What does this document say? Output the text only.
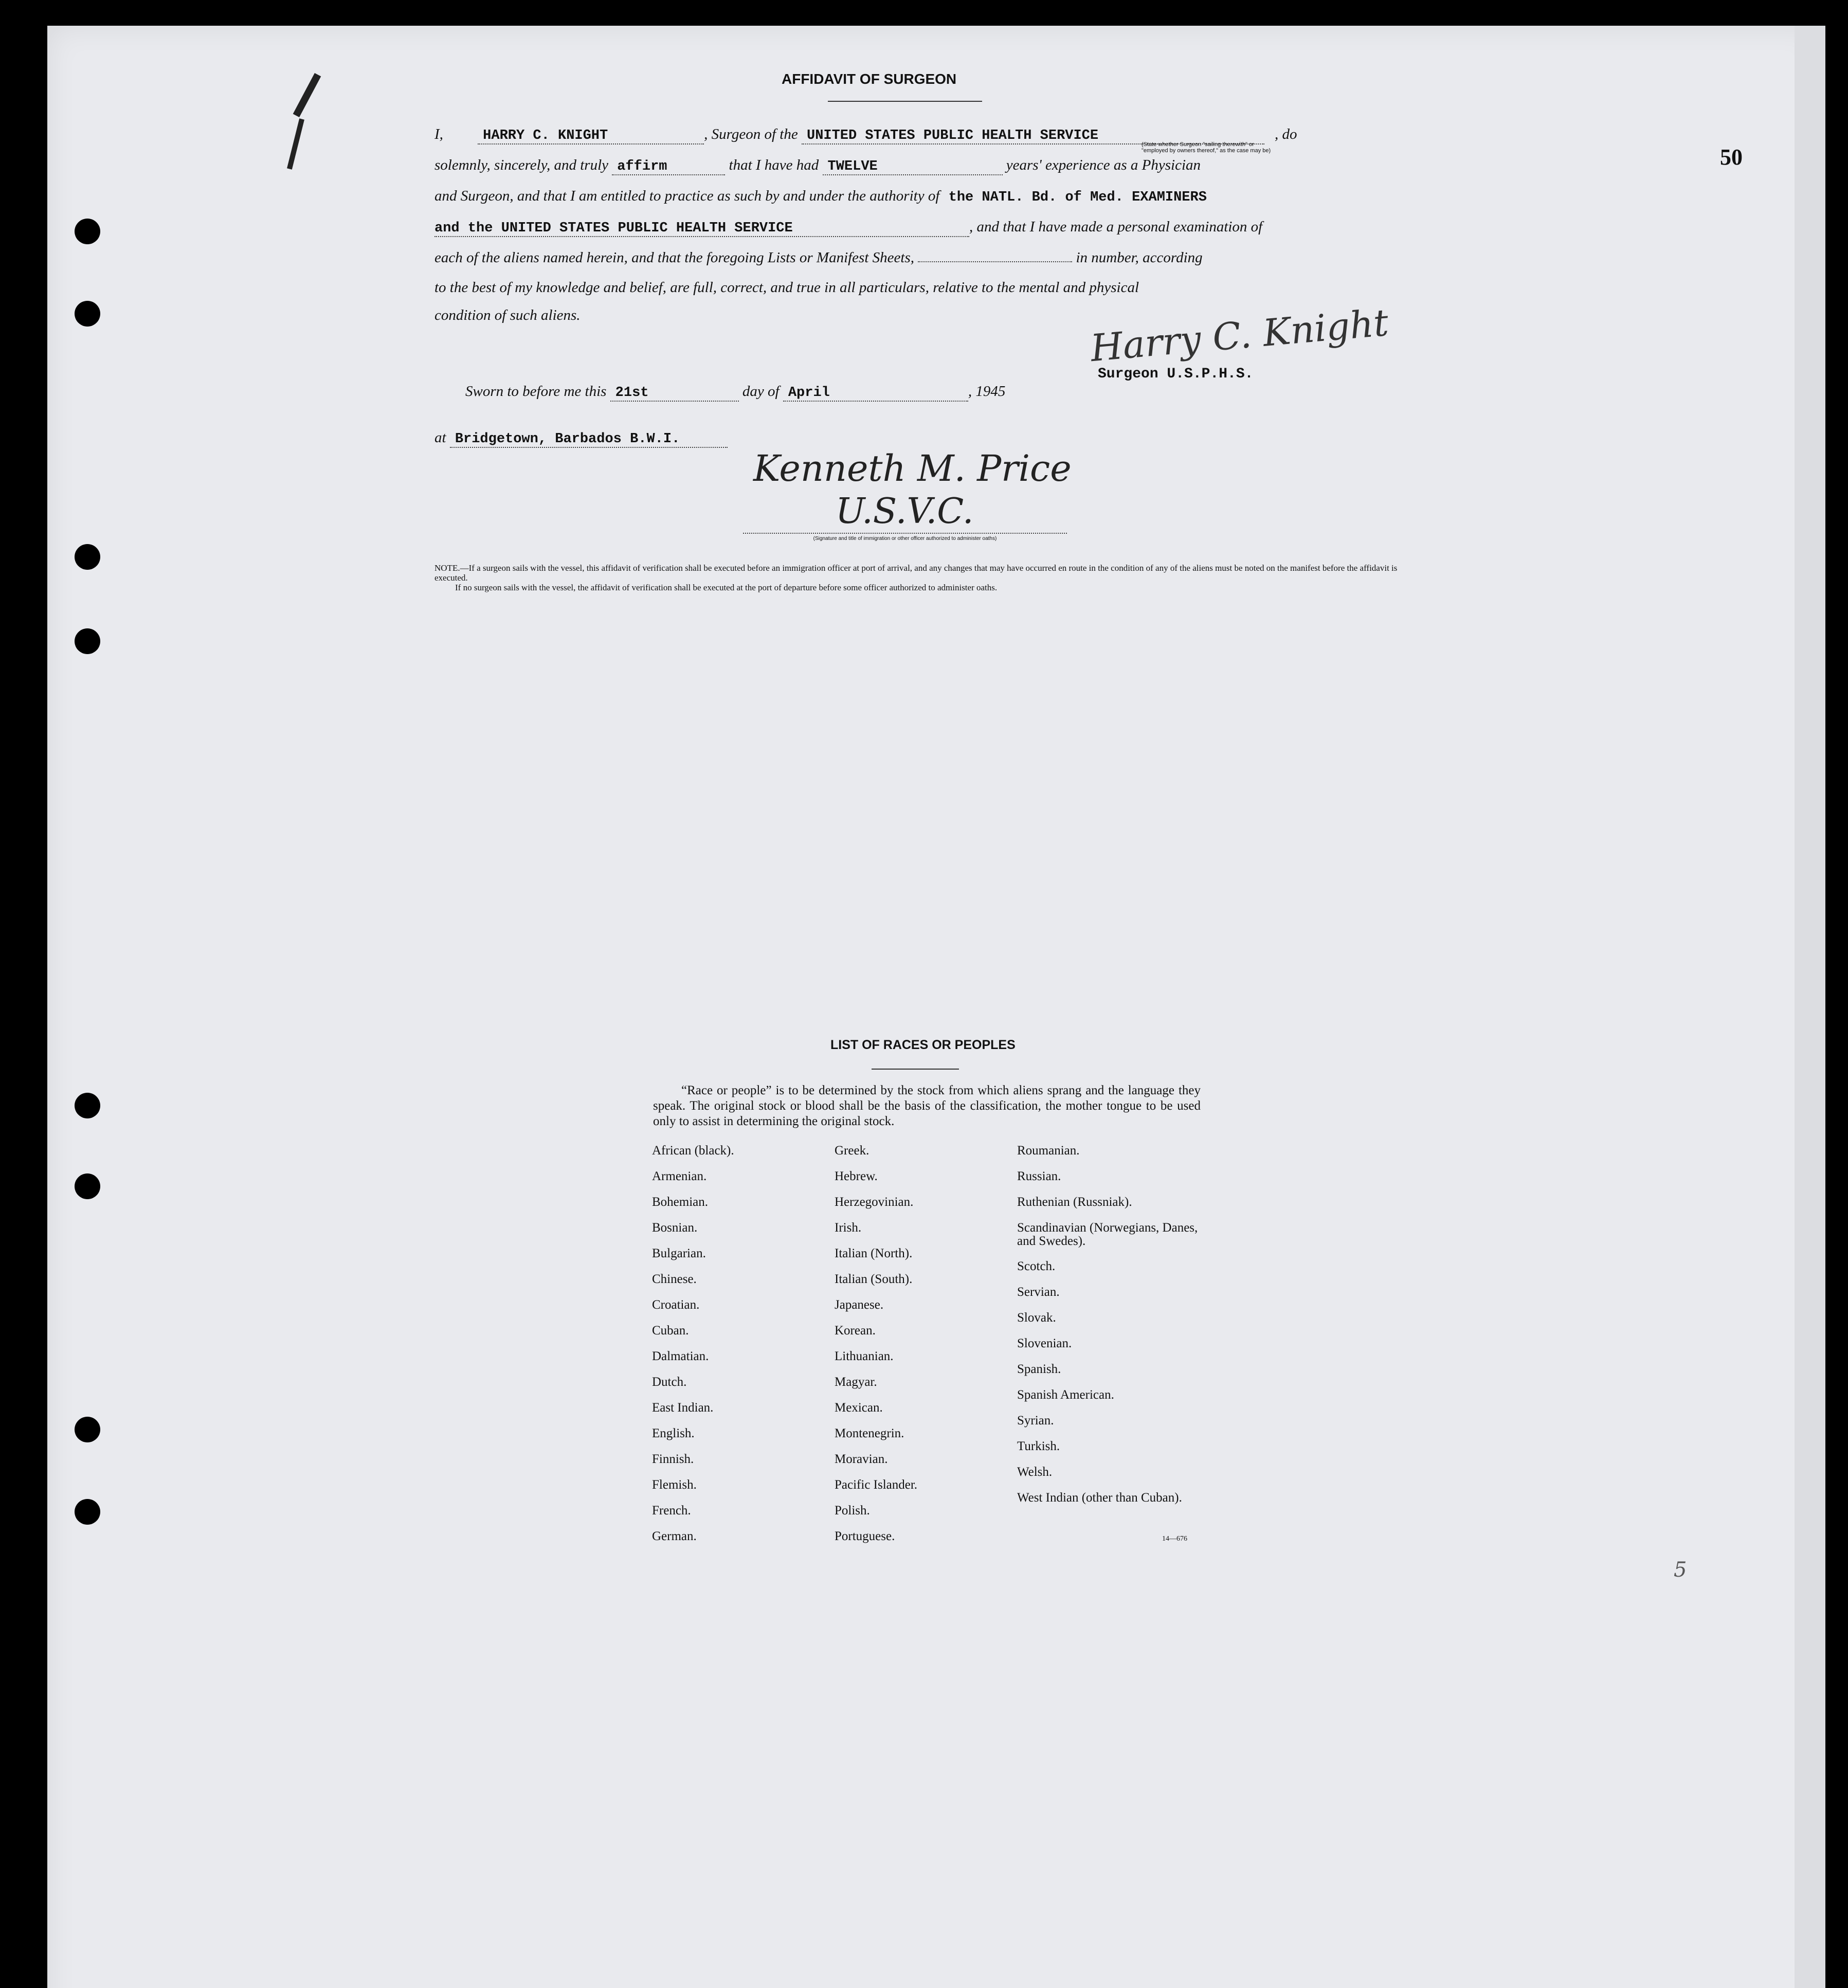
50
AFFIDAVIT OF SURGEON
I,	HARRY C. KNIGHT	, Surgeon of the UNITED STATES PUBLIC HEALTH SERVICE	, do
(State whether Surgeon "sailing therewith" or "employed by owners thereof," as the case may be)
solemnly, sincerely, and truly affirm	that I have had TWELVE	years' experience as a Physician
and Surgeon, and that I am entitled to practice as such by and under the authority of the NATL. Bd. of Med. EXAMINERS
and the UNITED STATES PUBLIC HEALTH SERVICE	, and that I have made a personal examination of
each of the aliens named herein, and that the foregoing Lists or Manifest Sheets,	in number, according
to the best of my knowledge and belief, are full, correct, and true in all particulars, relative to the mental and physical
condition of such aliens.	Harry C. Knight
Surgeon U.S.P.H.S.
Sworn to before me this 21st	day of April	, 1945
at Bridgetown, Barbados B.W.I.
Kenneth M. Price
U.S.V.C.
(Signature and title of immigration or other officer authorized to administer oaths)

NOTE.—If a surgeon sails with the vessel, this affidavit of verification shall be executed before an immigration officer at port of arrival, and any changes that may have occurred en route in the condition of any of the aliens must be noted on the manifest before the affidavit is executed.

If no surgeon sails with the vessel, the affidavit of verification shall be executed at the port of departure before some officer authorized to administer oaths.

LIST OF RACES OR PEOPLES
“Race or people” is to be determined by the stock from which aliens sprang and the language they speak. The original stock or blood shall be the basis of the classification, the mother tongue to be used only to assist in determining the original stock.
African (black).
Armenian.
Bohemian.
Bosnian.
Bulgarian.
Chinese.
Croatian.
Cuban.
Dalmatian.
Dutch.
East Indian.
English.
Finnish.
Flemish.
French.
German.
Greek.
Hebrew.
Herzegovinian.
Irish.
Italian (North).
Italian (South).
Japanese.
Korean.
Lithuanian.
Magyar.
Mexican.
Montenegrin.
Moravian.
Pacific Islander.
Polish.
Portuguese.
Roumanian.
Russian.
Ruthenian (Russniak).
Scandinavian (Norwegians, Danes, and Swedes).
Scotch.
Servian.
Slovak.
Slovenian.
Spanish.
Spanish American.
Syrian.
Turkish.
Welsh.
West Indian (other than Cuban).
14—676
5
